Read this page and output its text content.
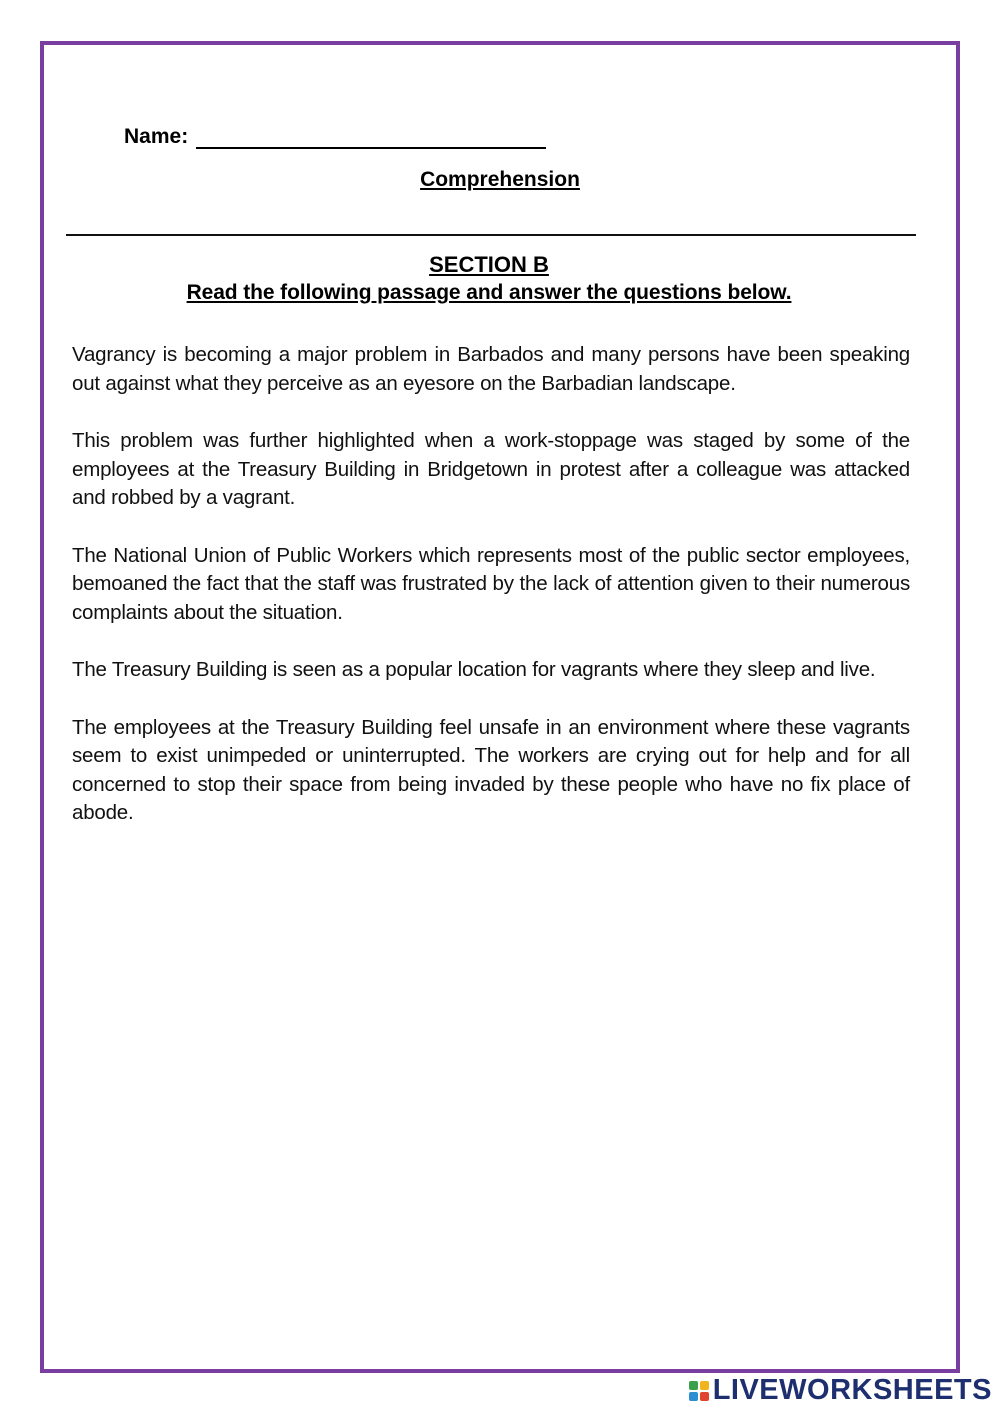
Name:
Comprehension
SECTION B
Read the following passage and answer the questions below.

Vagrancy is becoming a major problem in Barbados and many persons have been speaking out against what they perceive as an eyesore on the Barbadian landscape.

This problem was further highlighted when a work-stoppage was staged by some of the employees at the Treasury Building in Bridgetown in protest after a colleague was attacked and robbed by a vagrant.

The National Union of Public Workers which represents most of the public sector employees, bemoaned the fact that the staff was frustrated by the lack of attention given to their numerous complaints about the situation.

The Treasury Building is seen as a popular location for vagrants where they sleep and live.

The employees at the Treasury Building feel unsafe in an environment where these vagrants seem to exist unimpeded or uninterrupted. The workers are crying out for help and for all concerned to stop their space from being invaded by these people who have no fix place of abode.

LIVEWORKSHEETS
